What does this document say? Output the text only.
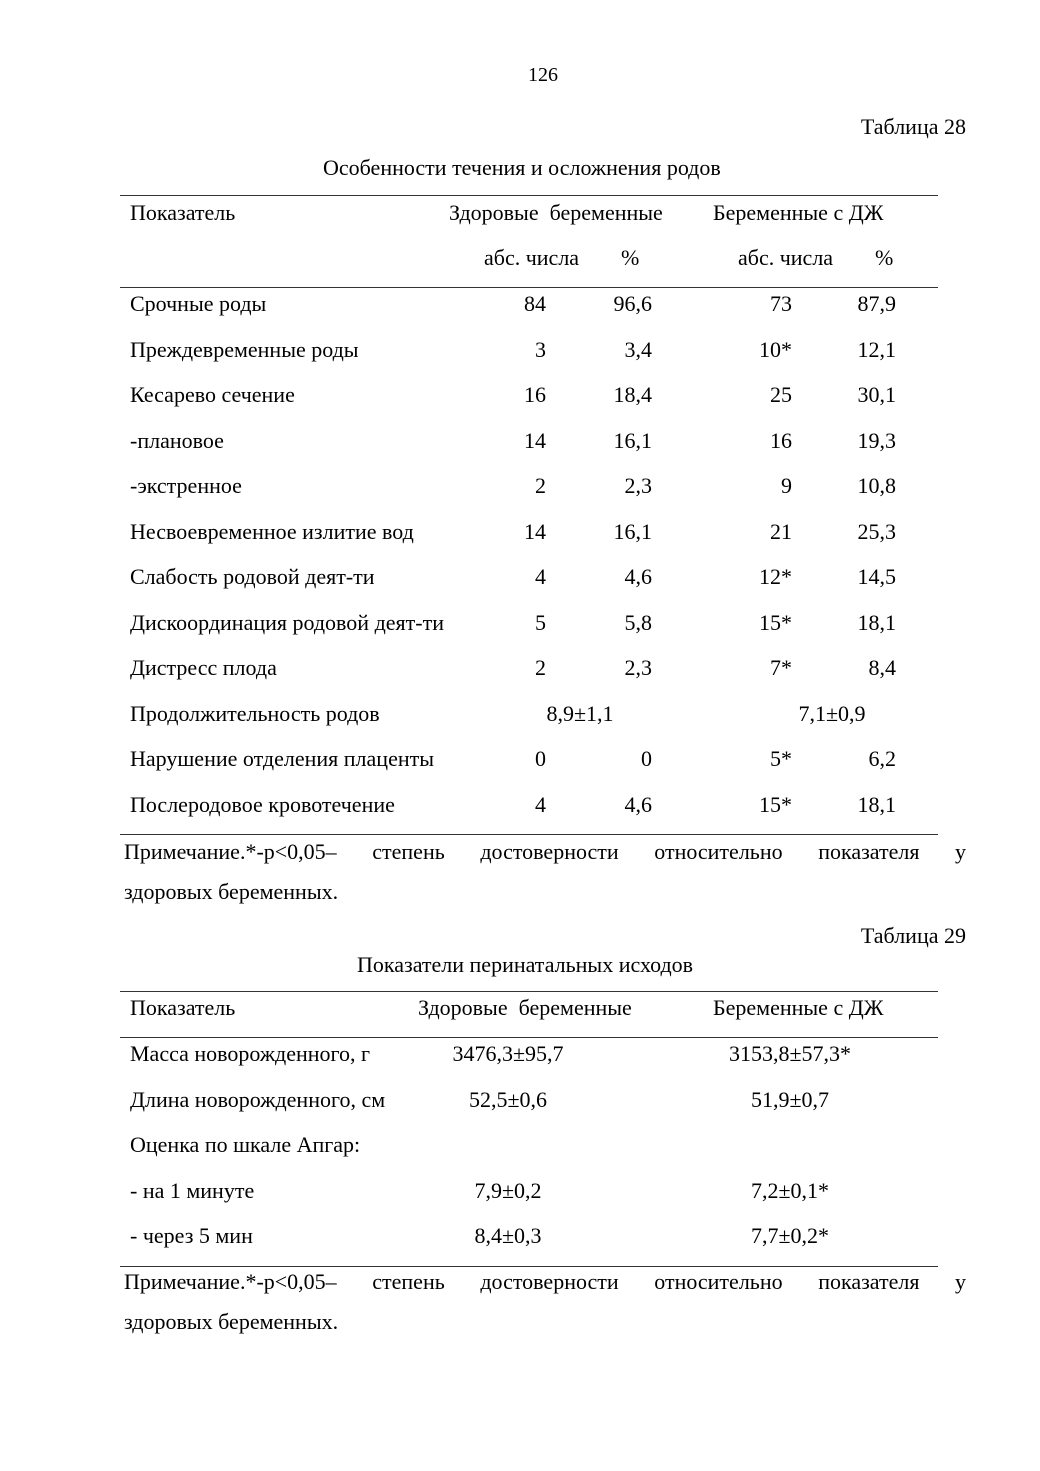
126
Таблица 28
Особенности течения и осложнения родов
Показатель	Здоровые  беременные Беременные с ДЖ
абс. числа %	абс. числа %
Срочные роды	84	96,6	73	87,9
Преждевременные роды	3	3,4	10*	12,1
Кесарево сечение	16	18,4	25	30,1
-плановое	14	16,1	16	19,3
-экстренное	2	2,3	9	10,8
Несвоевременное излитие вод	14	16,1	21	25,3
Слабость родовой деят-ти	4	4,6	12*	14,5
Дискоординация родовой деят-ти	5	5,8	15*	18,1
Дистресс плода	2	2,3	7*	8,4
Продолжительность родов	8,9±1,1	7,1±0,9
Нарушение отделения плаценты	0	0	5*	6,2
Послеродовое кровотечение	4	4,6	15*	18,1
Примечание.*-р<0,05– степень достоверности относительно показателя у
здоровых беременных.
Таблица 29
Показатели перинатальных исходов
Показатель	Здоровые  беременные	Беременные с ДЖ
Масса новорожденного, г	3476,3±95,7	3153,8±57,3*
Длина новорожденного, см	52,5±0,6	51,9±0,7
Оценка по шкале Апгар:
- на 1 минуте	7,9±0,2	7,2±0,1*
- через 5 мин	8,4±0,3	7,7±0,2*
Примечание.*-р<0,05– степень достоверности относительно показателя у
здоровых беременных.
